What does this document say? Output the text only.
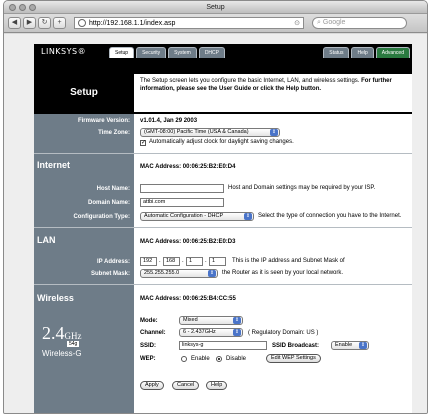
Setup
◀	▶	↻	+	http://192.168.1.1/index.asp	⊙	⌕ Google
LINKSYS®	Setup	Security	System	DHCP	Status	Help	Advanced
Setup
The Setup screen lets you configure the basic Internet, LAN, and wireless settings. For further information, please see the User Guide or click the Help button.
Firmware Version: v1.01.4, Jan 29 2003
Time Zone:	(GMT-08:00) Pacific Time (USA & Canada)	⇕
✓ Automatically adjust clock for daylight saving changes.
Internet	MAC Address: 00:06:25:B2:E0:D4
Host Name:	Host and Domain settings may be required by your ISP.
Domain Name:	attbi.com
Configuration Type:	Automatic Configuration - DHCP	⇕	Select the type of connection you have to the Internet.
LAN	MAC Address: 00:06:25:B2:E0:D3
IP Address:	192	. 168	. 1	. 1	This is the IP address and Subnet Mask of
Subnet Mask:	255.255.255.0	⇕	the Router as it is seen by your local network.
Wireless	MAC Address: 00:06:25:B4:CC:55
2.4GHz
54g
Wireless-G
Mode:	Mixed	⇕
Channel:	6 - 2.437GHz	⇕	( Regulatory Domain: US )
SSID:	linksys-g	SSID Broadcast:	Enable	⇕
WEP:	Enable	Disable	Edit WEP Settings
Apply	Cancel	Help
